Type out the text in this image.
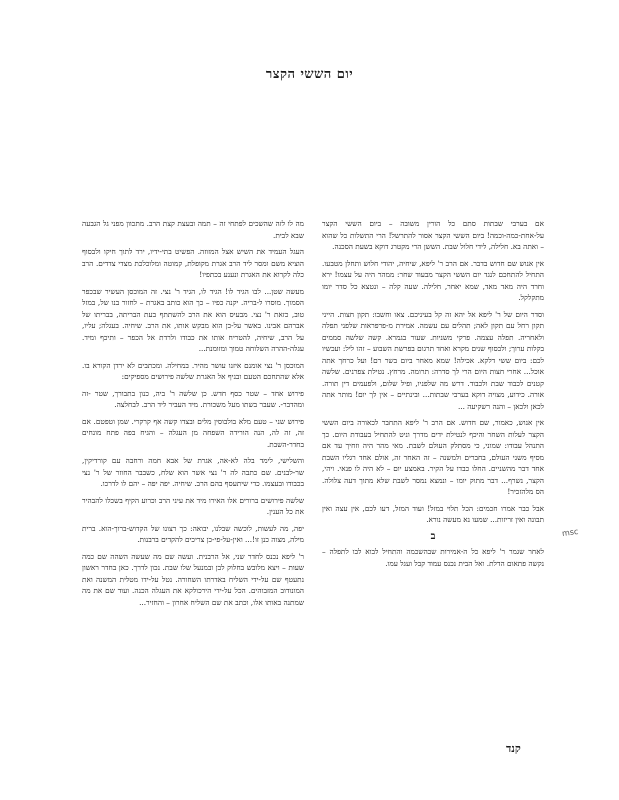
יום הששי הקצר

אם בערבי שבתות סתם כל הורין משובה – ביום הששי הקצר על-אחת-כמה-וכמה! ביום הששי הקצר אסור להתרשל! הרי התשלות כל שהוא – ואתה בא. חלילה, לידי חלול שבת. הששן הרי מקטרג דוקא בשעת הסכנה.

אין אנוש שם חדוש בדבר. אם הרב ר' ליפא, שיחיה, יהודי חלוש ותחלן מטבעו. התחיל להתחכם לנגד יום הששי הקצר מבעוד שחר: ממהר היה על עצמו! ירא וחרד היה מאד מאד, שמא יאחר, חלילה. שעה קלה – ונטצא כל סדר יומו מתקלקל.

וסדר היום של ר' ליפא אל יהא זה קל בעיניכם. צאו וחשבו: תקון חצות. הייני תקון רחל עם תקון לאה; תהלים עם עשמה. אמירת מ-פרפראות שלפני תפלה ולאחריה. תפלה עצמה. פרקי משניות. שעור בגמרא. קשה שלשה סממים בקלות ערוך; ולבסוף שנים מקרא ואחד תרגום בפרשת השבוע – זהו ליל: ועכשיו לכם: ביום ששי דלקא. אכילה! שמא מאחר ביום בשר רם! ועל כרחך אתה אוכל... אחרי חצות היום הרי לך סדרה: תרומה. מרחץ. נטילת צפרנים. שלשה קטנים לכבוד שבת ולכבוד. דרש מה שלפניו, ופיל שלום, ולפעמים דין תורה. אורה. כידוע, מצויה דוקא בערבי שבתות... ובינתיים – אין לך יום! מותר אתה לכאן ולכאן – והנה רשקיעה ...

אין אנוש, כאמור, שם חדוש. אם הרב ר' ליפא התחבר לכאורה ביום הששי הקצר לעלות השחר והיכף לנטילת ידים מדרך וניט להתחיל בעבודת היום. כך התנהל עבודו: שמוני, כי מסתלק העולם לשבת. מאי מהר היה וזחיך עד אם מסיף משני העולם, בחברים ולמשנה – זה האחר זה, אולם אחד רגליו השבת אחד דבר מהשניים. החלו כבדו על הקיר. באמצע יום – לא היה לו פנאי. ויהי, הקצר, נשרף... דבר מתוק יומו – ונמצא נמסר לשבת שלא מתוך דעה צלולה. הס מלהזכיר!

אבל כבר אמרו חכמים: הכל תלוי במזל! ועוד המזל, דעו לכם, אין עצה ואין תבונה ואין זריזות... שמעו נא מעשה נורא.

ב

לאחר שגמר ר' ליפא כל ה-אמירות שבהשכמה והתחיל לבוא לבו לתפלה – נקשה פתאום הדלת. ואל הבית נכנס עמוד קבל ועגל עמו.

מה לו לזה שהשכים לפתחי זה – תמה ובעצת קצת הרב. מתכוון מפני גל הגבעה שבא לבית.

העגל העמיד את השיש אצל המזוזה. הפשיט בתי-ידיו, ירד לתוך חיקו ולבסוף הוציא משם ומסר ליד הרב אגרת מקופלת, קמוטה ומלוכלכת מצדי צדדים. הרב כלה לקרוא את האגרת ונענע בכתפיו!

מעשה שטן... לבו הגיד לו! הגיד לו, הגיד ר' נצי. זה המוכסן העשיר שבכפר הסמוך. מוסרו ל-בריה. יקנה כפיו – כך הוא כותב באגרת – לחזור בנו של, במזל טוב, כזאת ר' נצי. מבעיס הוא את הרב להשתתף בעת הבריתה, בבריתו של אברהם אבינו. באשר על-כן הוא מבקש אותו, את הרב. שיחיה. בעגלה; עליו, על הרב, שיחיה, להטריח אותו את כבודו ולרדת אל הכפר – ותיכף ומיד. עגלה-ההרה השלוחה טמוך ומזומנת...

המוכסן ר' נצי אומנם איזנו עושר מהיר. במחילה. ומכתבים לא ירדן הקורא בו. אלא שהתחכם הטעם ובניף אל האגרת שלשה פירושים מספיקים:

פירוש אחד – שטר כסף חדש. כן שלשה ר' ביה, כנון בתבורך, שטר -זה ומהדבר-. שעבר בשתו מעל משכורת. מיד העביר ליד הרב. לבחלצה.

פירוש שני – טעם מלא בולבוסין מלים ובצדו קשה אף קרקרי. שמן וטפטם. אם זה, זה לה, הנה הורידה השפחה מן העגלה – והגיח בפה פתח מונחים בחדר-השבת.

והשלישי, לימד בלה לא-אה, אגרת של אבא חמה ורחבה עם קורדיקין, שר-לבנים. שם כתבה לה ר' נצי אשר הוא שלח, כשבבר החוזר של ר' נצי בכבודו ובעצמו. כדי שיתעסף בהם הרב. שיחיה. יפה יפה – יהם לו לדרכו.

שלשה פירושים ברורים אלו האירו מיד את עיני הרב וכרוע הקיף בשכלו להבהיר את כל הענין.

יפה, מה לעשות, לוכשה שבלנו, יבואה: כך רצונו של הקדוש-ברוך-הוא. ברית מילה, מצוה כנן זו!... ואין-על-פי-כן צריכים להקדים ברבנות.

ר' ליפא נכנס לחדר שני, אל הרבנית. ועשה שם מה שעשה השהה שם כמה שעות – ויצא מלובש בחלוק לבן ובמנעל שלו שבת. נכון לדרך. כאן בחדר ראשון נתעטף שם על-ידי השליח באדרתו השחורה. נטל על-ידו מטלית המשנה ואת המונודוב המזבוהים. הכל על-ידי הירכולקא את העגלה הכנה. ועוד שם את מה שמתנה באותו אלו, וכתב את שם השליח אחרון – והחזיר...

msc
קנד
